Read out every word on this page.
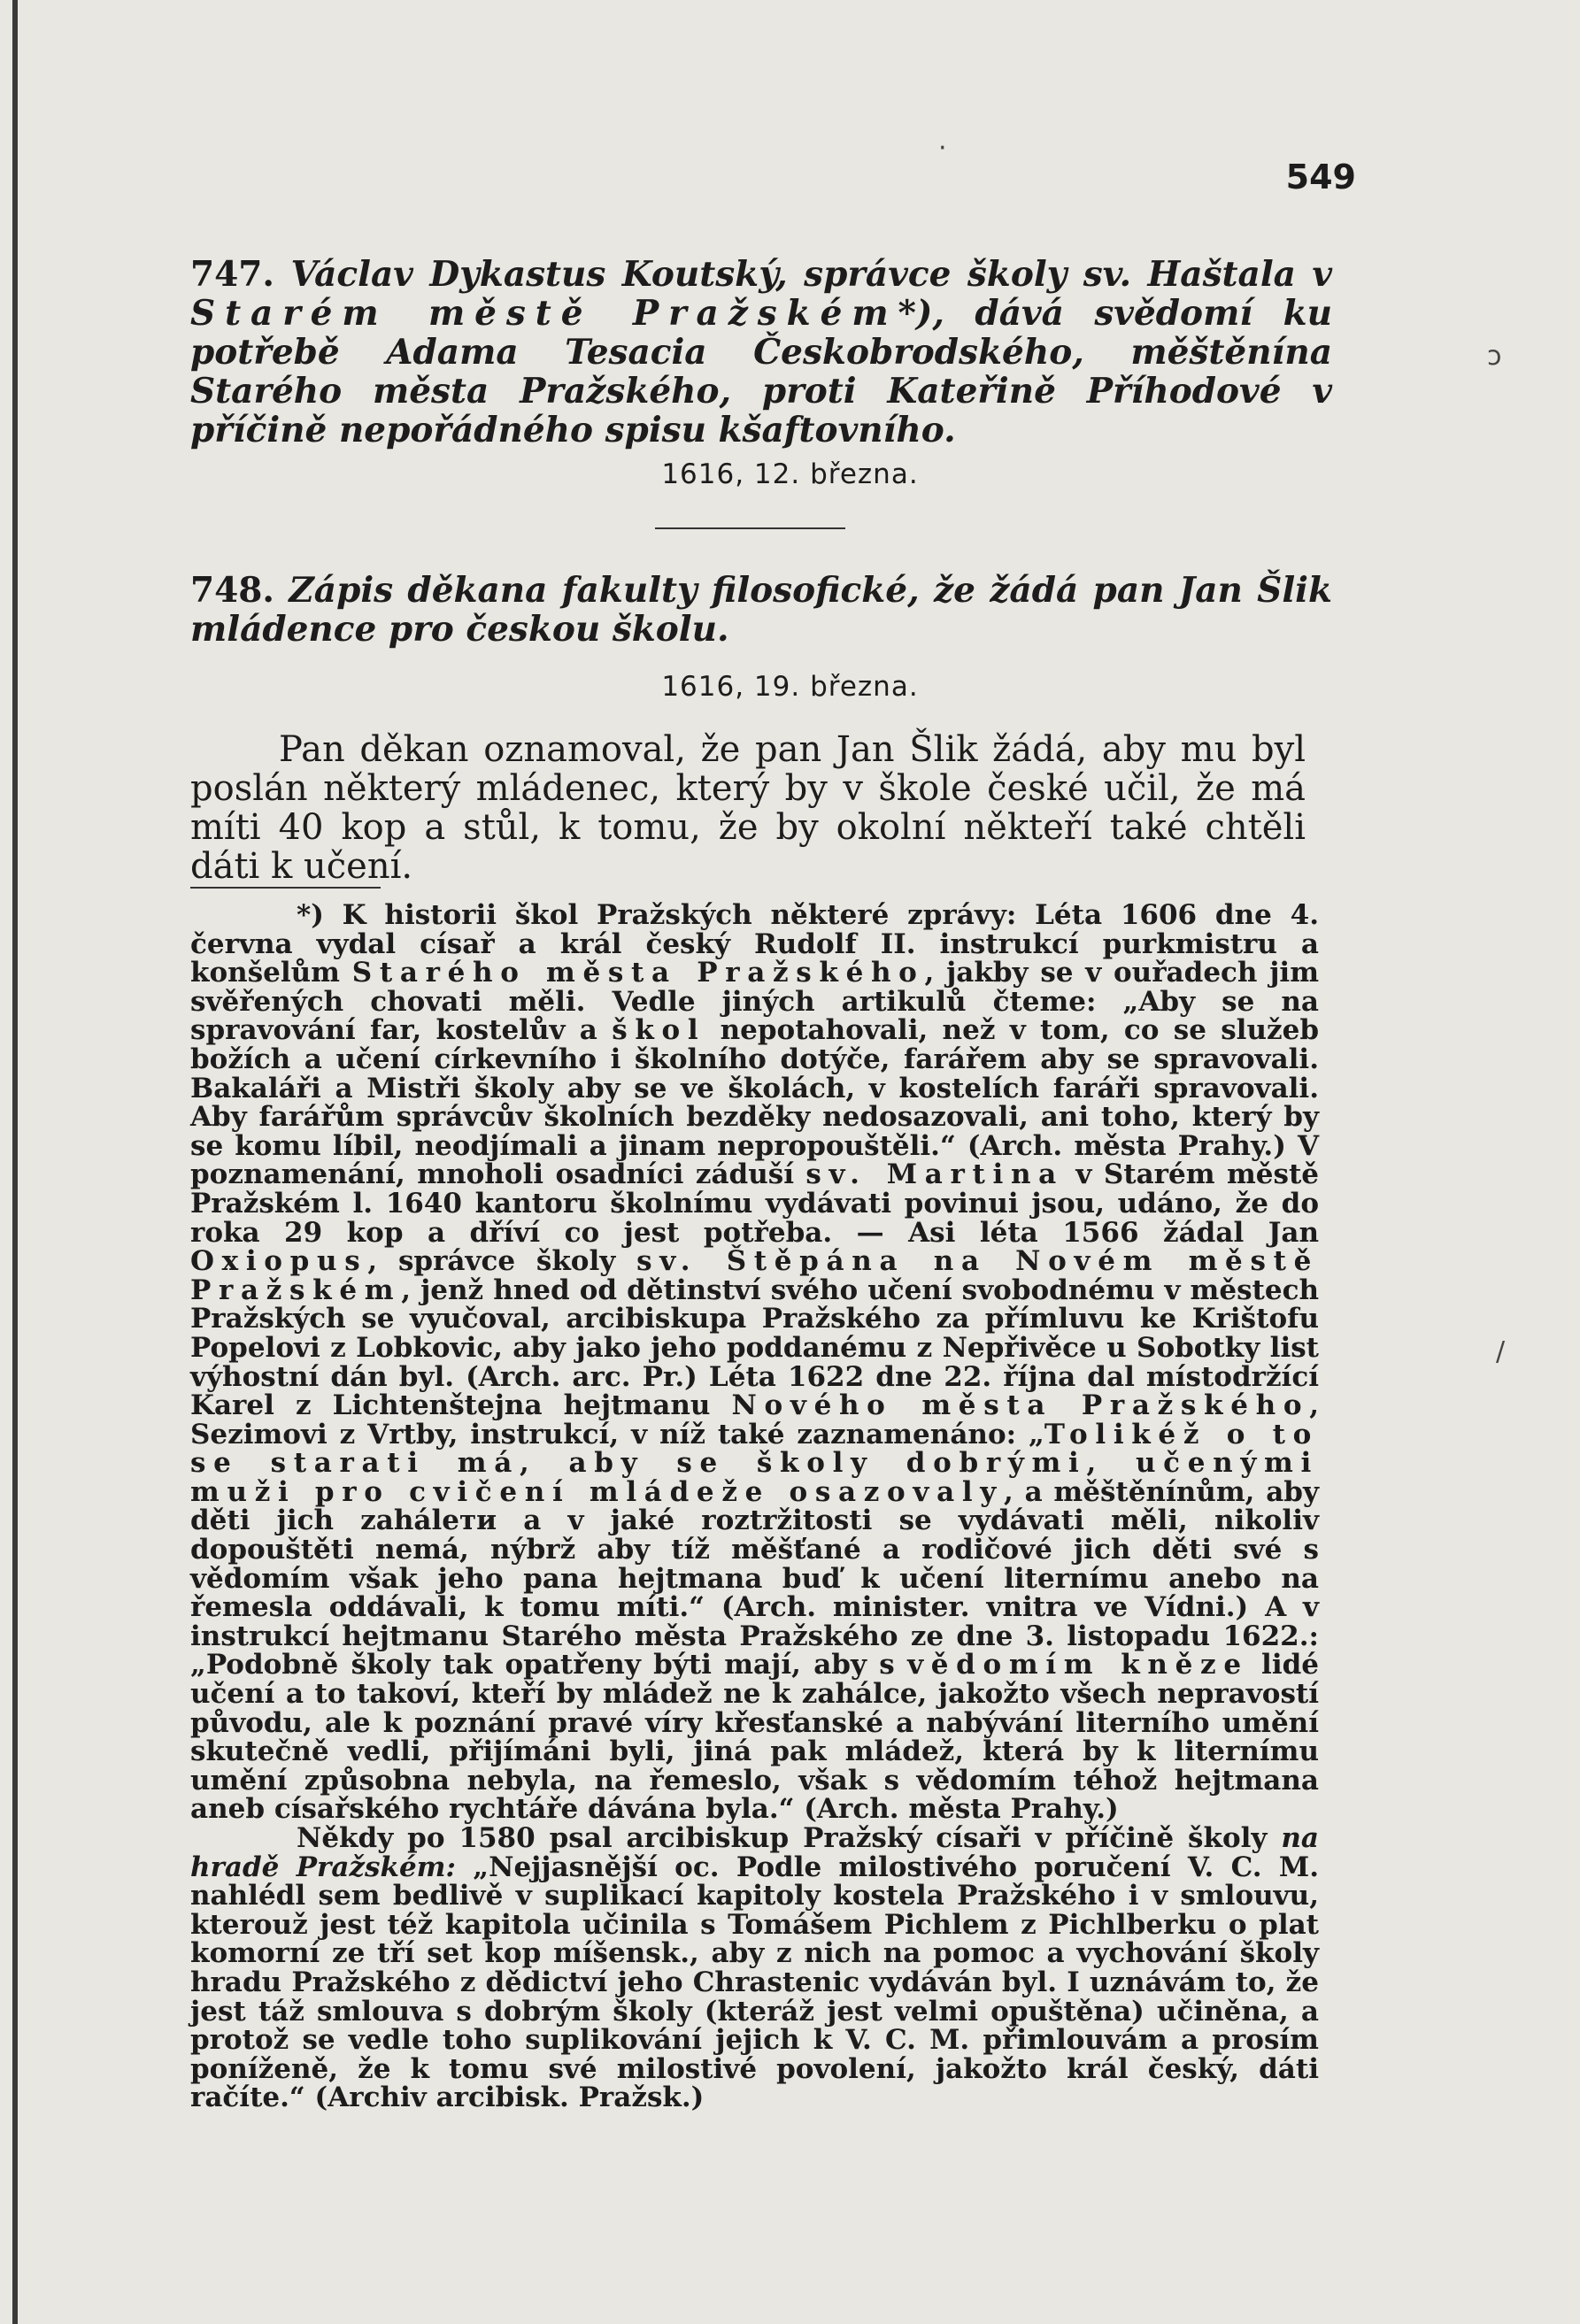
·
ɔ
/
549
747. Václav Dykastus Koutský, správce školy sv. Haštala v Starém městě Pražském*), dává svědomí ku potřebě Adama Tesacia Českobrodského, měštěnína Starého města Pražského, proti Kateřině Příhodové v příčině nepořádného spisu kšaftovního.
1616, 12. března.
748. Zápis děkana fakulty filosofické, že žádá pan Jan Šlik mládence pro českou školu.
1616, 19. března.
Pan děkan oznamoval, že pan Jan Šlik žádá, aby mu byl poslán některý mládenec, který by v škole české učil, že má míti 40 kop a stůl, k tomu, že by okolní někteří také chtěli dáti k učení.

*) K historii škol Pražských některé zprávy: Léta 1606 dne 4. června vydal císař a král český Rudolf II. instrukcí purkmistru a konšelům Starého města Pražského, jakby se v ouřadech jim svěřených chovati měli. Vedle jiných artikulů čteme: „Aby se na spravování far, kostelův a škol nepotahovali, než v tom, co se služeb božích a učení církevního i školního dotýče, farářem aby se spravovali. Bakaláři a Mistři školy aby se ve školách, v kostelích faráři spravovali. Aby farářům správcův školních bezděky nedosazovali, ani toho, který by se komu líbil, neodjímali a jinam nepropouštěli.“ (Arch. města Prahy.) V poznamenání, mnoholi osadníci záduší sv. Martina v Starém městě Pražském l. 1640 kantoru školnímu vydávati povinui jsou, udáno, že do roka 29 kop a dříví co jest potřeba. — Asi léta 1566 žádal Jan Oxiopus, správce školy sv. Štěpána na Novém městě Pražském, jenž hned od dětinství svého učení svobodnému v městech Pražských se vyučoval, arcibiskupa Pražského za přímluvu ke Krištofu Popelovi z Lobkovic, aby jako jeho poddanému z Nepřivěce u Sobotky list výhostní dán byl. (Arch. arc. Pr.) Léta 1622 dne 22. října dal místodržící Karel z Lichtenštejna hejtmanu Nového města Pražského, Sezimovi z Vrtby, instrukcí, v níž také zaznamenáno: „Tolikéž o to se starati má, aby se školy dobrými, učenými muži pro cvičení mládeže osazovaly, a měštěnínům, aby děti jich zahálети a v jaké roztržitosti se vydávati měli, nikoliv dopouštěti nemá, nýbrž aby tíž měšťané a rodičové jich děti své s vědomím však jeho pana hejtmana buď k učení liternímu anebo na řemesla oddávali, k tomu míti.“ (Arch. minister. vnitra ve Vídni.) A v instrukcí hejtmanu Starého města Pražského ze dne 3. listopadu 1622.: „Podobně školy tak opatřeny býti mají, aby s vědomím kněze lidé učení a to takoví, kteří by mládež ne k zahálce, jakožto všech nepravostí původu, ale k poznání pravé víry křesťanské a nabývání literního umění skutečně vedli, přijímáni byli, jiná pak mládež, která by k liternímu umění způsobna nebyla, na řemeslo, však s vědomím téhož hejtmana aneb císařského rychtáře dávána byla.“ (Arch. města Prahy.)

Někdy po 1580 psal arcibiskup Pražský císaři v příčině školy na hradě Pražském: „Nejjasnější oc. Podle milostivého poručení V. C. M. nahlédl sem bedlivě v suplikací kapitoly kostela Pražského i v smlouvu, kterouž jest též kapitola učinila s Tomášem Pichlem z Pichlberku o plat komorní ze tří set kop míšensk., aby z nich na pomoc a vychování školy hradu Pražského z dědictví jeho Chrastenic vydáván byl. I uznávám to, že jest táž smlouva s dobrým školy (kteráž jest velmi opuštěna) učiněna, a protož se vedle toho suplikování jejich k V. C. M. přimlouvám a prosím poníženě, že k tomu své milostivé povolení, jakožto král český, dáti račíte.“ (Archiv arcibisk. Pražsk.)
